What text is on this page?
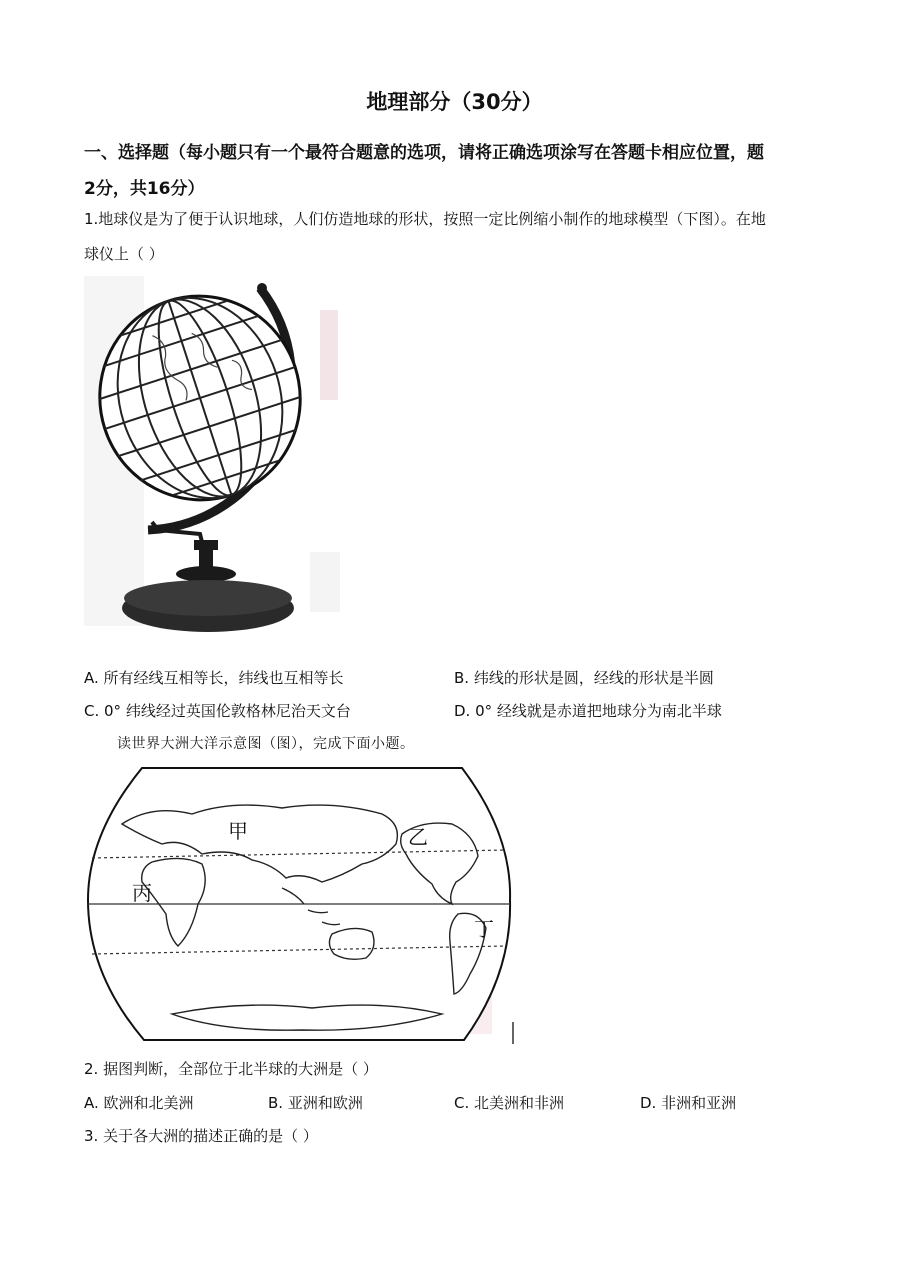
地理部分（30分）
一、选择题（每小题只有一个最符合题意的选项，请将正确选项涂写在答题卡相应位置，题
2分，共16分）
1.地球仪是为了便于认识地球，人们仿造地球的形状，按照一定比例缩小制作的地球模型（下图）。在地
球仪上（ ）
A. 所有经线互相等长，纬线也互相等长	B. 纬线的形状是圆，经线的形状是半圆
C. 0° 纬线经过英国伦敦格林尼治天文台	D. 0° 经线就是赤道把地球分为南北半球
读世界大洲大洋示意图（图），完成下面小题。
甲	乙
丙
丁
2. 据图判断，全部位于北半球的大洲是（ ）
A. 欧洲和北美洲	B. 亚洲和欧洲	C. 北美洲和非洲	D. 非洲和亚洲
3. 关于各大洲的描述正确的是（ ）
